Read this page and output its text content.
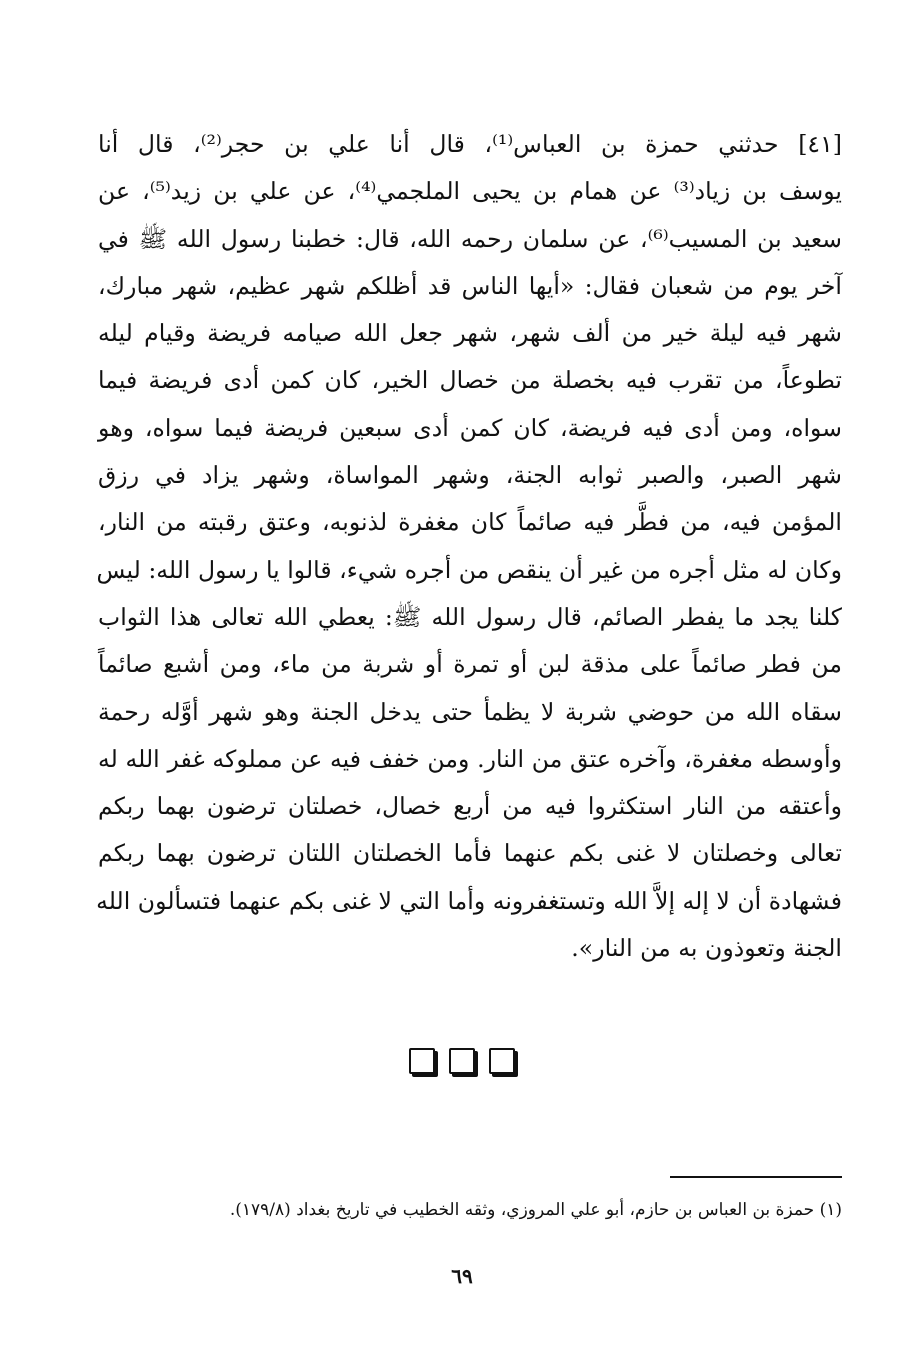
[٤١] حدثني حمزة بن العباس⁽¹⁾، قال أنا علي بن حجر⁽²⁾، قال أنا
يوسف بن زياد⁽³⁾ عن همام بن يحيى الملجمي⁽⁴⁾، عن علي بن زيد⁽⁵⁾، عن
سعيد بن المسيب⁽⁶⁾، عن سلمان رحمه الله، قال: خطبنا رسول الله ﷺ في
آخر يوم من شعبان فقال: «أيها الناس قد أظلكم شهر عظيم، شهر مبارك،
شهر فيه ليلة خير من ألف شهر، شهر جعل الله صيامه فريضة وقيام ليله
تطوعاً، من تقرب فيه بخصلة من خصال الخير، كان كمن أدى فريضة فيما
سواه، ومن أدى فيه فريضة، كان كمن أدى سبعين فريضة فيما سواه، وهو
شهر الصبر، والصبر ثوابه الجنة، وشهر المواساة، وشهر يزاد في رزق
المؤمن فيه، من فطَّر فيه صائماً كان مغفرة لذنوبه، وعتق رقبته من النار،
وكان له مثل أجره من غير أن ينقص من أجره شيء، قالوا يا رسول الله: ليس
كلنا يجد ما يفطر الصائم، قال رسول الله ﷺ: يعطي الله تعالى هذا الثواب
من فطر صائماً على مذقة لبن أو تمرة أو شربة من ماء، ومن أشبع صائماً
سقاه الله من حوضي شربة لا يظمأ حتى يدخل الجنة وهو شهر أوَّله رحمة
وأوسطه مغفرة، وآخره عتق من النار. ومن خفف فيه عن مملوكه غفر الله له
وأعتقه من النار استكثروا فيه من أربع خصال، خصلتان ترضون بهما ربكم
تعالى وخصلتان لا غنى بكم عنهما فأما الخصلتان اللتان ترضون بهما ربكم
فشهادة أن لا إله إلاَّ الله وتستغفرونه وأما التي لا غنى بكم عنهما فتسألون الله
الجنة وتعوذون به من النار».
(١) حمزة بن العباس بن حازم، أبو علي المروزي، وثقه الخطيب في تاريخ بغداد (١٧٩/٨).
٦٩
